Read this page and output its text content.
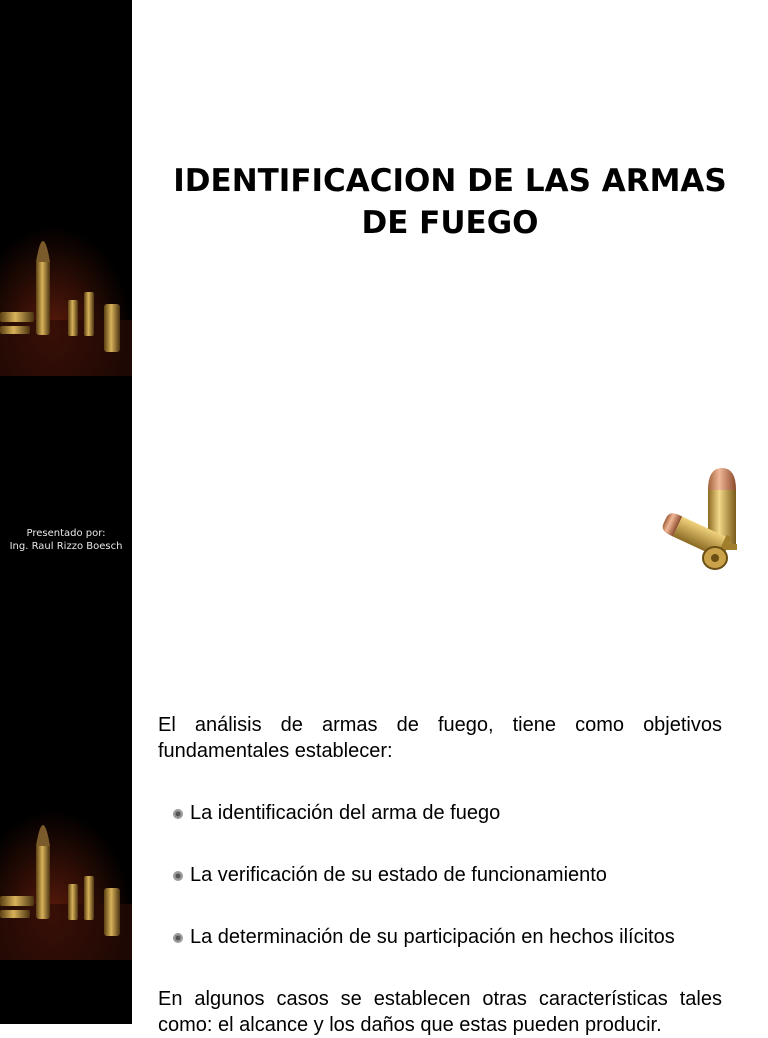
Presentado por:
Ing. Raul Rizzo Boesch
IDENTIFICACION DE LAS ARMAS
DE FUEGO

El análisis de armas de fuego, tiene como objetivos fundamentales establecer:

La identificación del arma de fuego
La verificación de su estado de funcionamiento
La determinación de su participación en hechos ilícitos

En algunos casos se establecen otras características tales como: el alcance y los daños que estas pueden producir.
